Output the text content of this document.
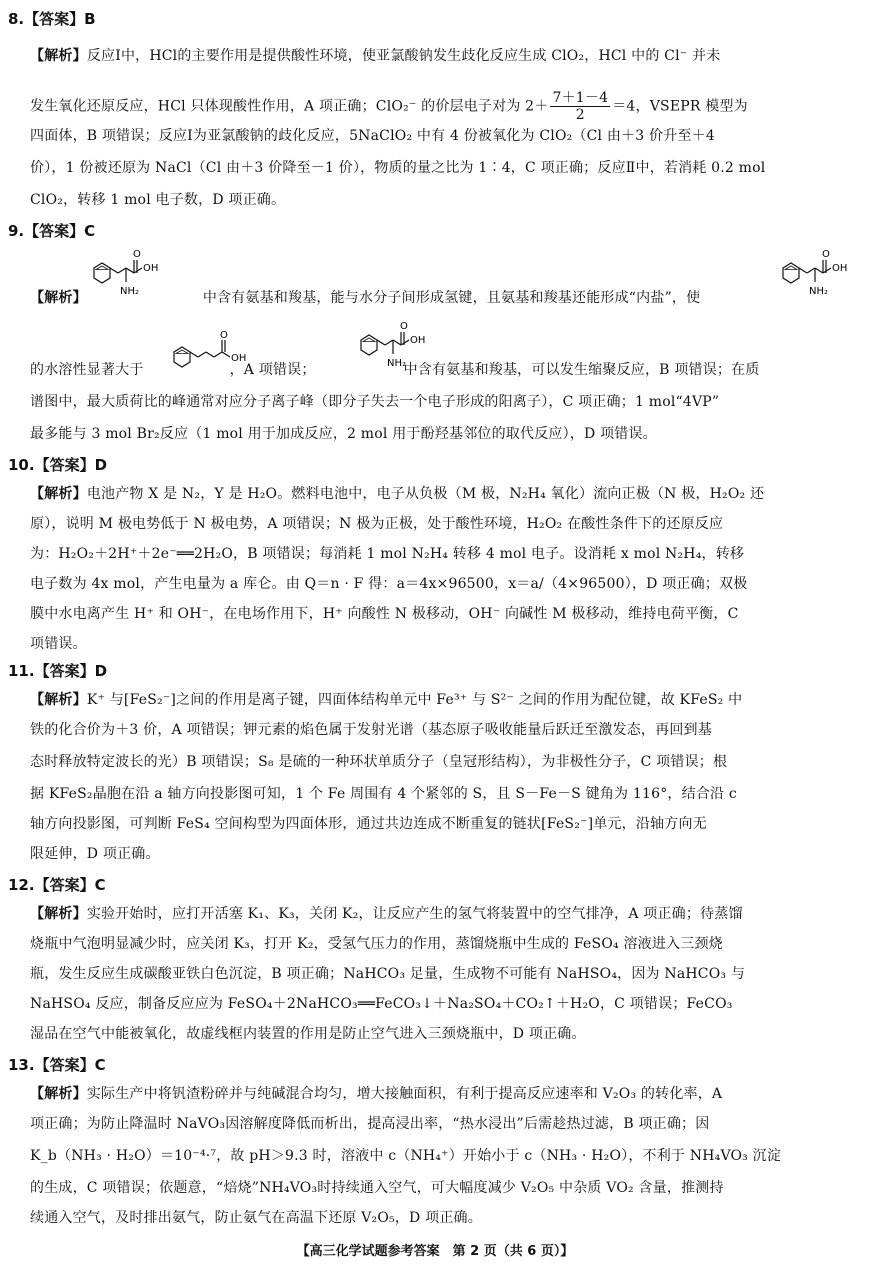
8.【答案】B
【解析】反应Ⅰ中，HCl的主要作用是提供酸性环境，使亚氯酸钠发生歧化反应生成 ClO₂，HCl 中的 Cl⁻ 并未
发生氧化还原反应，HCl 只体现酸性作用，A 项正确；ClO₂⁻ 的价层电子对为 $2+ \frac{7+1-4}{2} =4$，VSEPR 模型为
四面体，B 项错误；反应Ⅰ为亚氯酸钠的歧化反应，5NaClO₂ 中有 4 份被氧化为 ClO₂（Cl 由＋3 价升至＋4
价），1 份被还原为 NaCl（Cl 由＋3 价降至－1 价），物质的量之比为 1∶4，C 项正确；反应Ⅱ中，若消耗 0.2 mol
ClO₂，转移 1 mol 电子数，D 项正确。
9.【答案】C
O
OH
NH₂
【解析】	中含有氨基和羧基，能与水分子间形成氢键，且氨基和羧基还能形成“内盐”，使
O
OH
NH₂
O
OH
O
OH
NH₂
的水溶性显著大于	，A 项错误；	中含有氨基和羧基，可以发生缩聚反应，B 项错误；在质
谱图中，最大质荷比的峰通常对应分子离子峰（即分子失去一个电子形成的阳离子），C 项正确；1 mol“4VP”
最多能与 3 mol Br₂反应（1 mol 用于加成反应，2 mol 用于酚羟基邻位的取代反应），D 项错误。
10.【答案】D
【解析】电池产物 X 是 N₂，Y 是 H₂O。燃料电池中，电子从负极（M 极，N₂H₄ 氧化）流向正极（N 极，H₂O₂ 还
原），说明 M 极电势低于 N 极电势，A 项错误；N 极为正极，处于酸性环境，H₂O₂ 在酸性条件下的还原反应
为：H₂O₂＋2H⁺＋2e⁻══2H₂O，B 项错误；每消耗 1 mol N₂H₄ 转移 4 mol 电子。设消耗 x mol N₂H₄，转移
电子数为 4x mol，产生电量为 a 库仑。由 Q＝n · F 得：a＝4x×96500，x＝a/（4×96500），D 项正确；双极
膜中水电离产生 H⁺ 和 OH⁻，在电场作用下，H⁺ 向酸性 N 极移动，OH⁻ 向碱性 M 极移动，维持电荷平衡，C
项错误。
11.【答案】D
【解析】K⁺ 与[FeS₂⁻]之间的作用是离子键，四面体结构单元中 Fe³⁺ 与 S²⁻ 之间的作用为配位键，故 KFeS₂ 中
铁的化合价为＋3 价，A 项错误；钾元素的焰色属于发射光谱（基态原子吸收能量后跃迁至激发态，再回到基
态时释放特定波长的光）B 项错误；S₈ 是硫的一种环状单质分子（皇冠形结构），为非极性分子，C 项错误；根
据 KFeS₂晶胞在沿 a 轴方向投影图可知，1 个 Fe 周围有 4 个紧邻的 S，且 S－Fe－S 键角为 116°，结合沿 c
轴方向投影图，可判断 FeS₄ 空间构型为四面体形，通过共边连成不断重复的链状[FeS₂⁻]单元，沿轴方向无
限延伸，D 项正确。
12.【答案】C
【解析】实验开始时，应打开活塞 K₁、K₃，关闭 K₂，让反应产生的氢气将装置中的空气排净，A 项正确；待蒸馏
烧瓶中气泡明显减少时，应关闭 K₃，打开 K₂，受氢气压力的作用，蒸馏烧瓶中生成的 FeSO₄ 溶液进入三颈烧
瓶，发生反应生成碳酸亚铁白色沉淀，B 项正确；NaHCO₃ 足量，生成物不可能有 NaHSO₄，因为 NaHCO₃ 与
NaHSO₄ 反应，制备反应应为 FeSO₄＋2NaHCO₃══FeCO₃↓＋Na₂SO₄＋CO₂↑＋H₂O，C 项错误；FeCO₃
湿品在空气中能被氧化，故虚线框内装置的作用是防止空气进入三颈烧瓶中，D 项正确。
13.【答案】C
【解析】实际生产中将钒渣粉碎并与纯碱混合均匀，增大接触面积，有利于提高反应速率和 V₂O₃ 的转化率，A
项正确；为防止降温时 NaVO₃因溶解度降低而析出，提高浸出率，“热水浸出”后需趁热过滤，B 项正确；因
K_b（NH₃ · H₂O）＝10⁻⁴·⁷，故 pH＞9.3 时，溶液中 c（NH₄⁺）开始小于 c（NH₃ · H₂O），不利于 NH₄VO₃ 沉淀
的生成，C 项错误；依题意，“焙烧”NH₄VO₃时持续通入空气，可大幅度减少 V₂O₅ 中杂质 VO₂ 含量，推测持
续通入空气，及时排出氨气，防止氨气在高温下还原 V₂O₅，D 项正确。
【高三化学试题参考答案　第 2 页（共 6 页）】
